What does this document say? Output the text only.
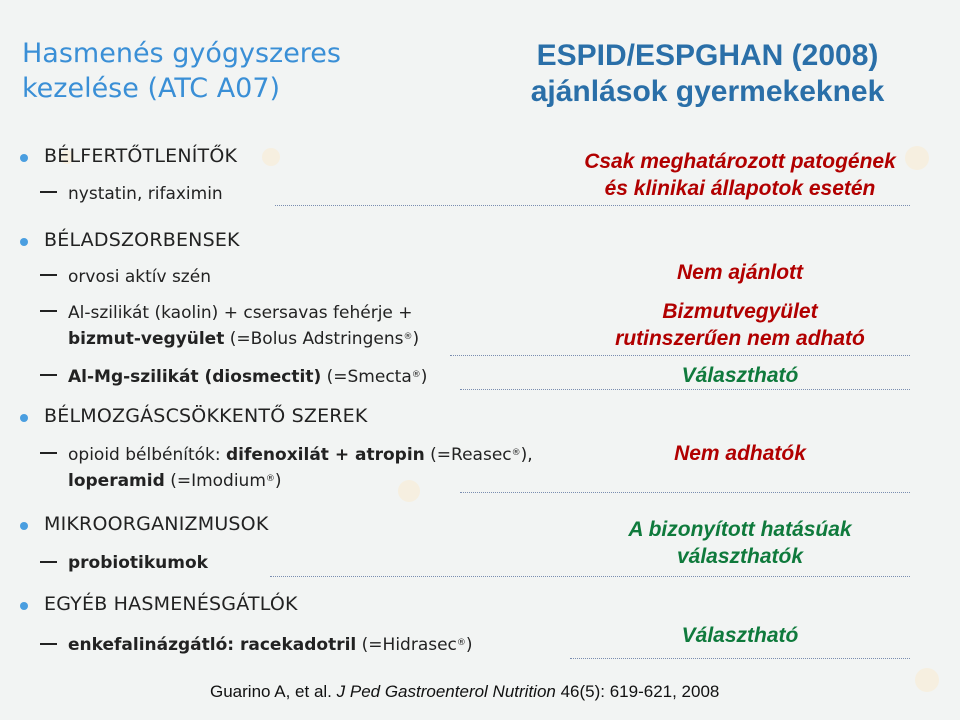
Hasmenés gyógyszeres kezelése (ATC A07)
ESPID/ESPGHAN (2008)
ajánlások gyermekeknek
BÉLFERTŐTLENÍTŐK
nystatin, rifaximin
BÉLADSZORBENSEK
orvosi aktív szén
Al-szilikát (kaolin) + csersavas fehérje +
bizmut-vegyület (=Bolus Adstringens®)
Al-Mg-szilikát (diosmectit) (=Smecta®)
BÉLMOZGÁSCSÖKKENTŐ SZEREK
opioid bélbénítók: difenoxilát + atropin (=Reasec®),
loperamid (=Imodium®)
MIKROORGANIZMUSOK
probiotikumok
EGYÉB HASMENÉSGÁTLÓK
enkefalinázgátló: racekadotril (=Hidrasec®)
Csak meghatározott patogének
és klinikai állapotok esetén
Nem ajánlott
Bizmutvegyület
rutinszerűen nem adható
Választható
Nem adhatók
A bizonyított hatásúak
választhatók
Választható
Guarino A, et al. J Ped Gastroenterol Nutrition 46(5): 619-621, 2008
